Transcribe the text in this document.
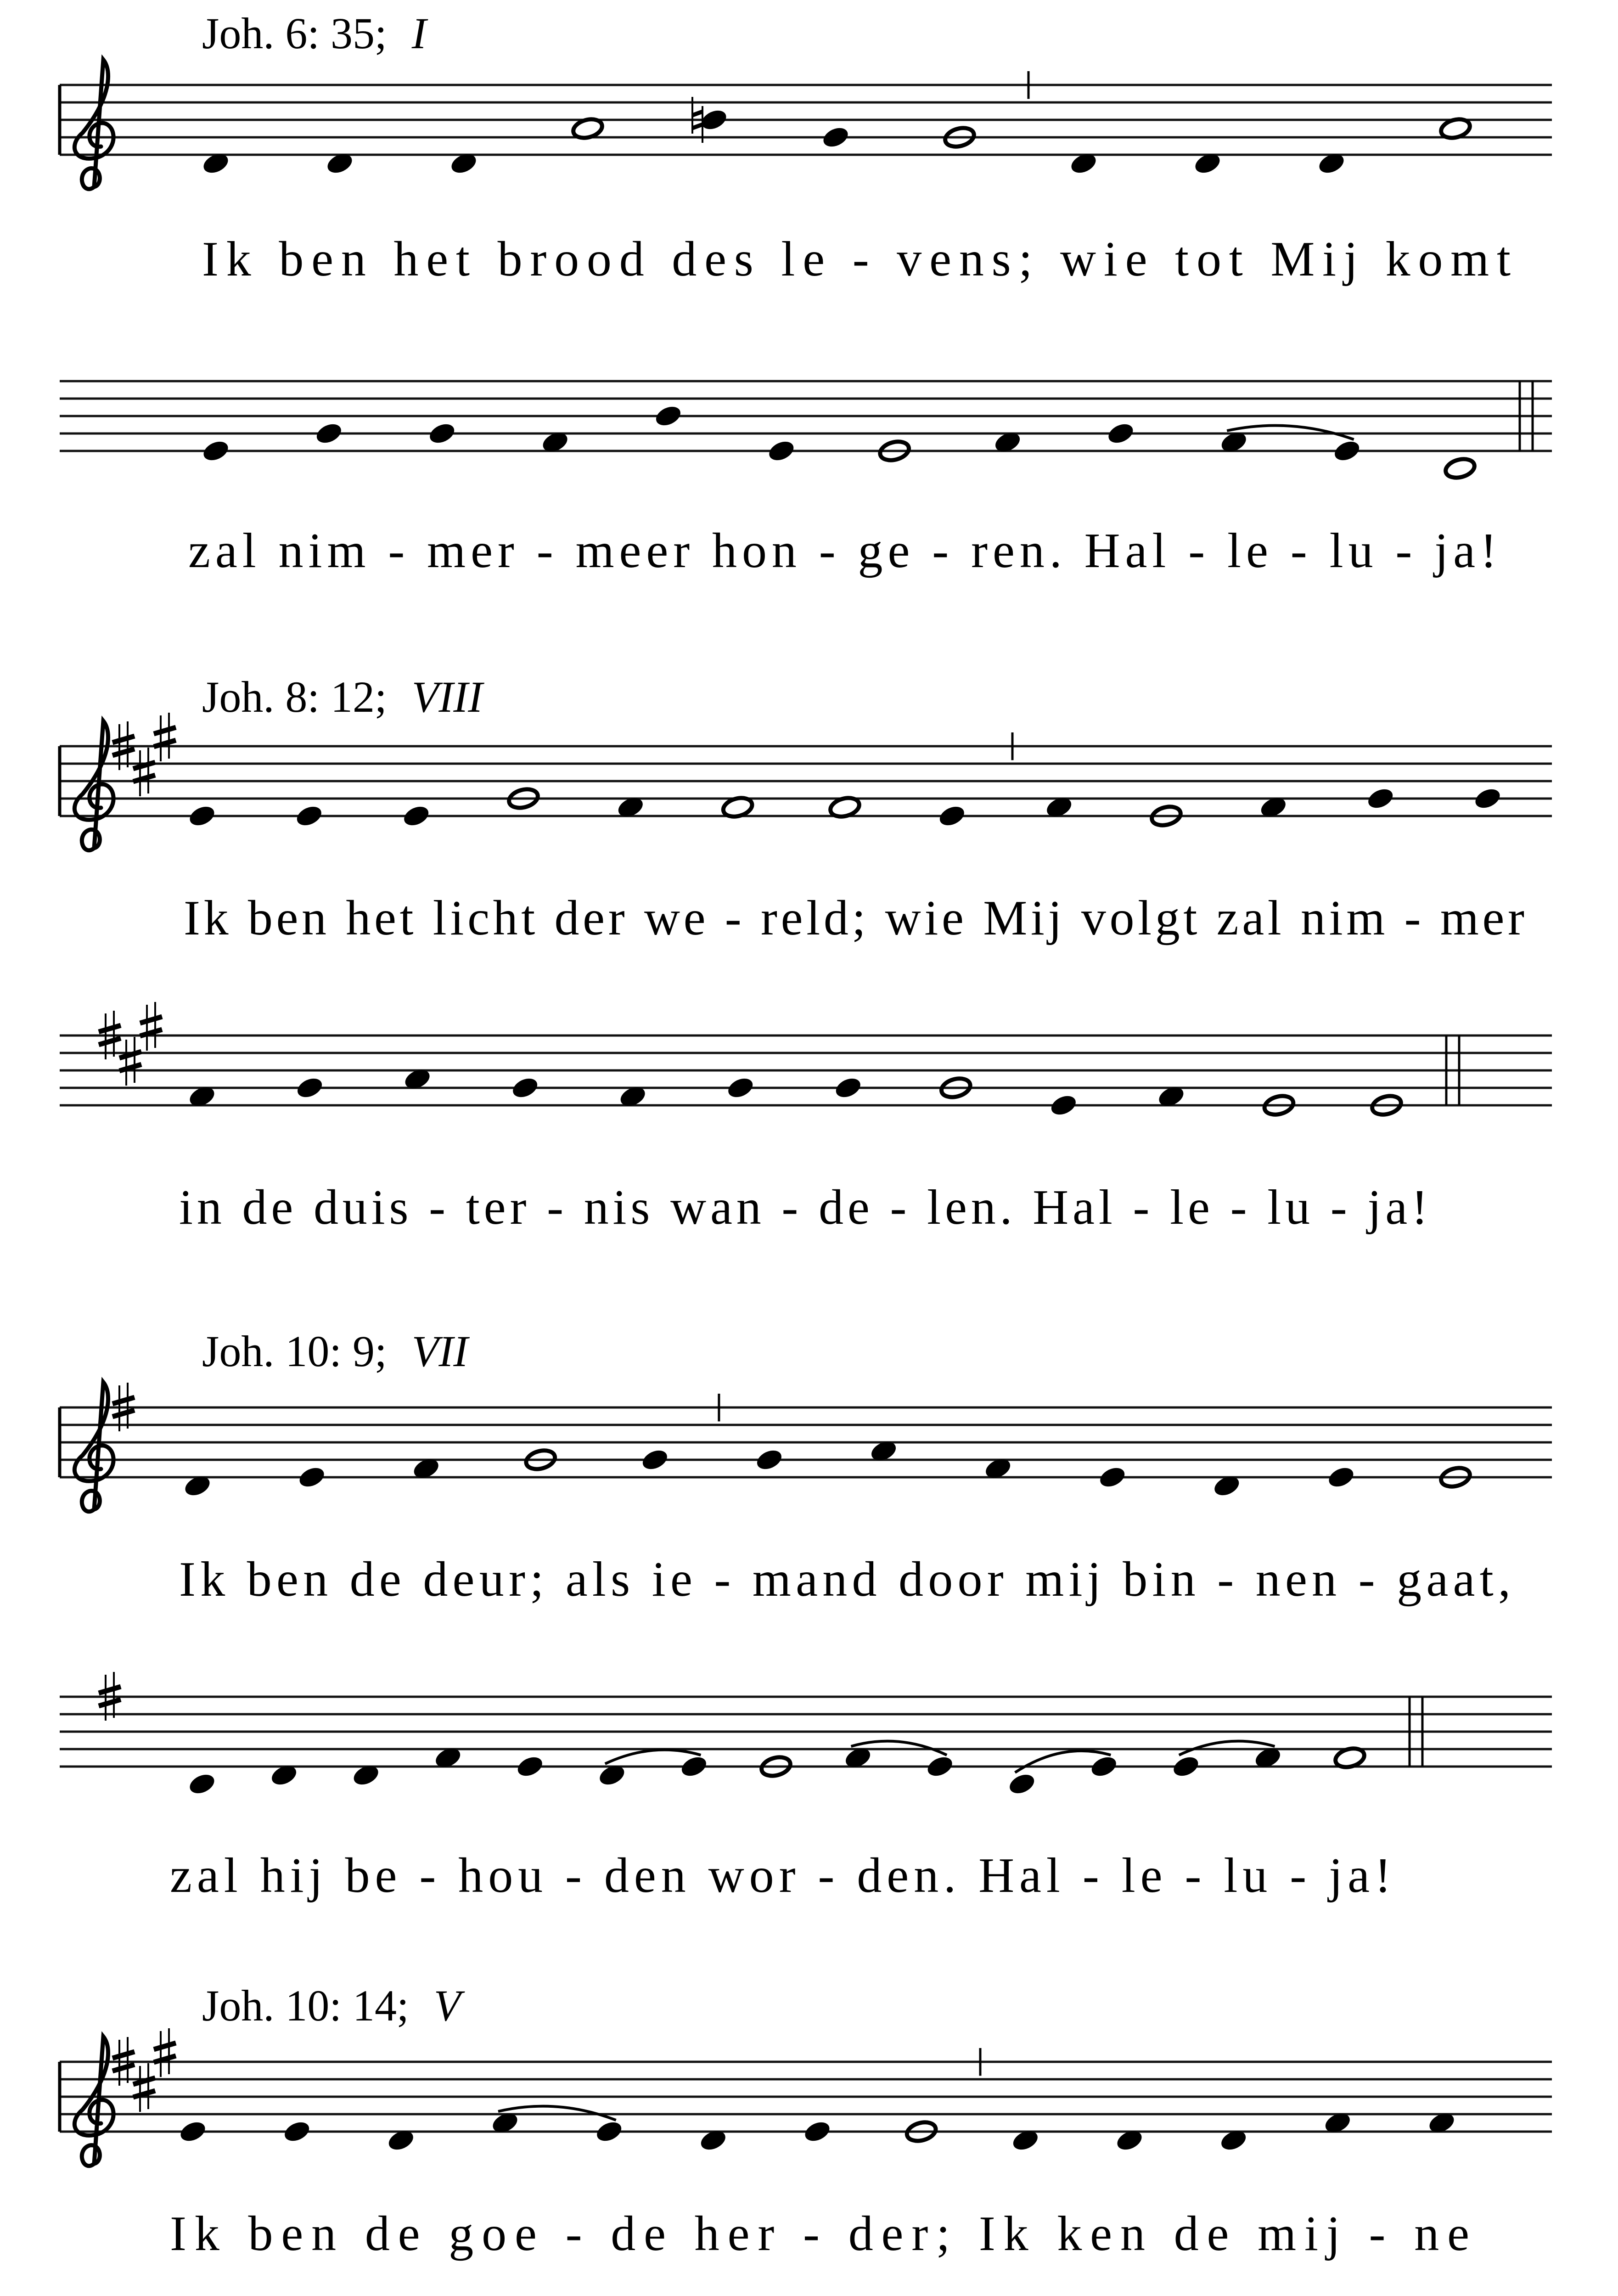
Joh. 6: 35; I
Ik ben het brood des le - vens; wie tot Mij komt
zal nim - mer - meer hon - ge - ren. Hal - le - lu - ja!
Joh. 8: 12; VIII
Ik ben het licht der we - reld; wie Mij volgt zal nim - mer
in de duis - ter - nis wan - de - len. Hal - le - lu - ja!
Joh. 10: 9; VII
Ik ben de deur; als ie - mand door mij bin - nen - gaat,
zal hij be - hou - den wor - den. Hal - le - lu - ja!
Joh. 10: 14; V
Ik ben de goe - de her - der; Ik ken de mij - ne
